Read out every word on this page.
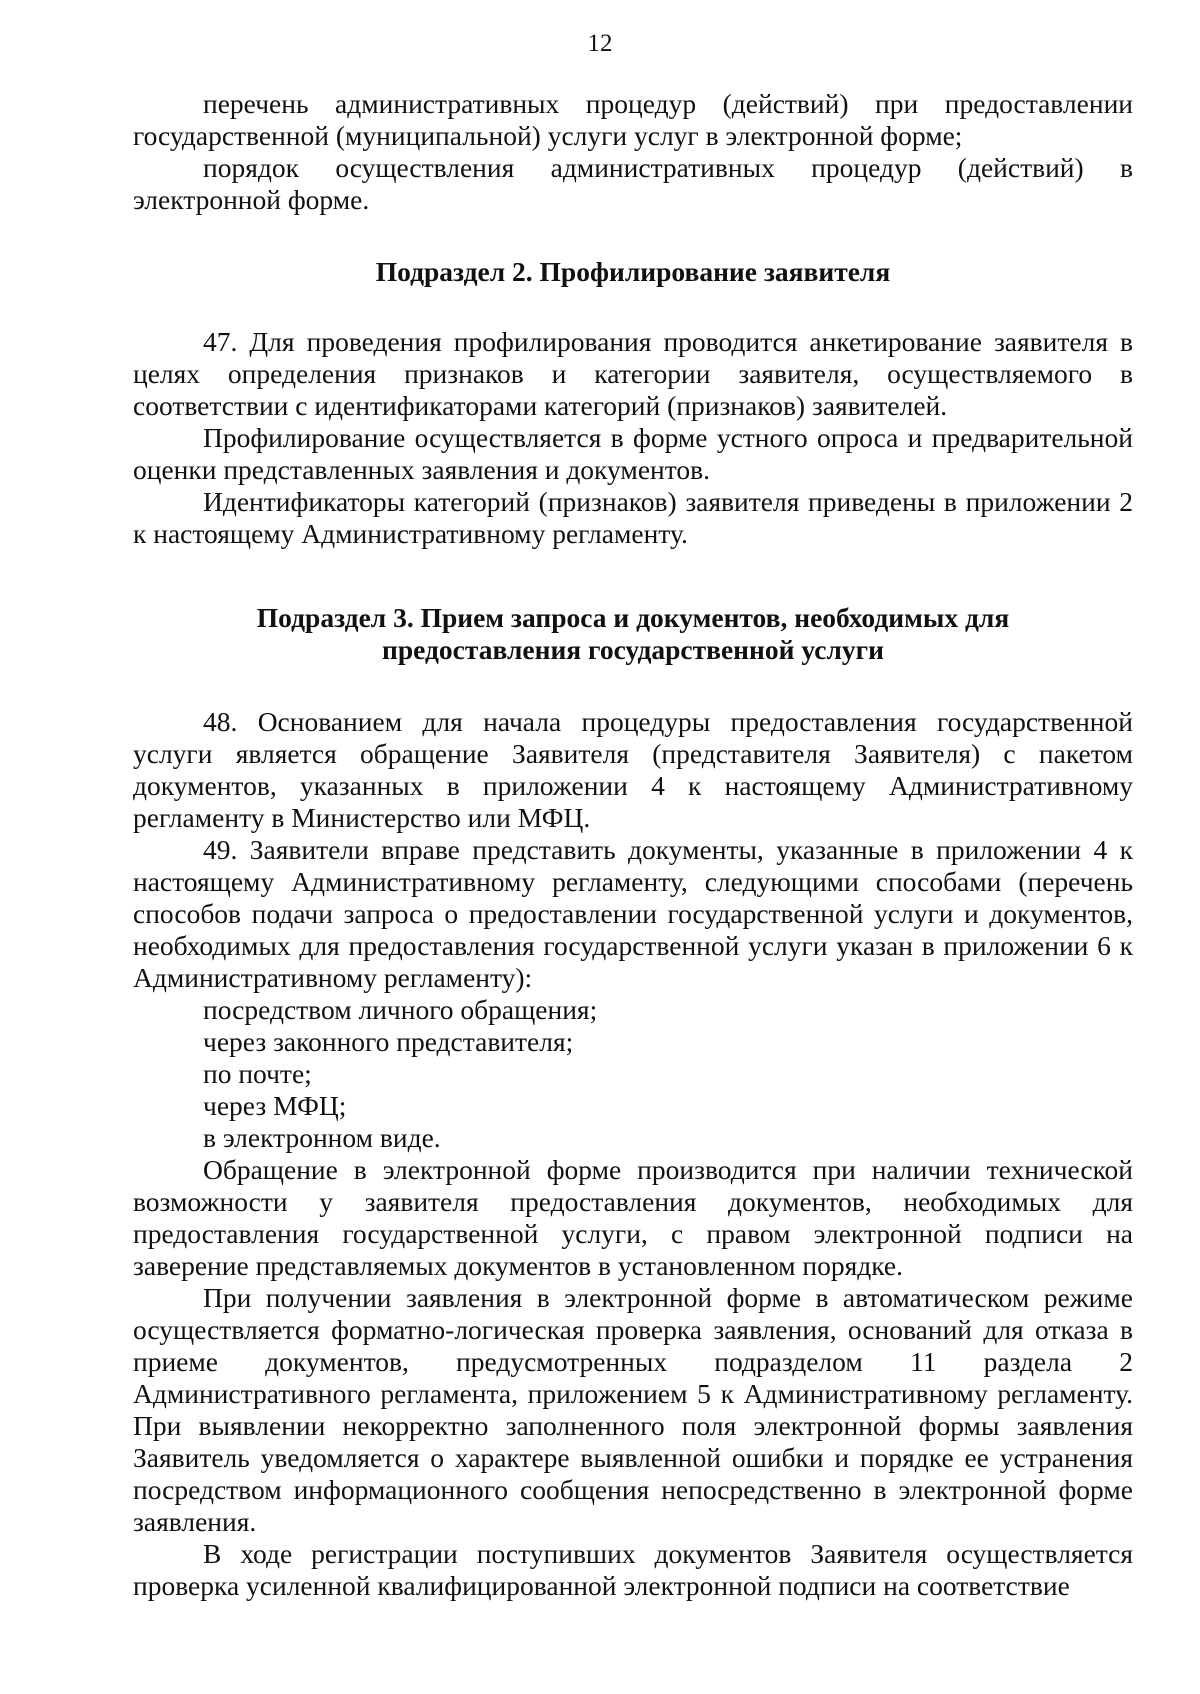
12

перечень административных процедур (действий) при предоставлении государственной (муниципальной) услуги услуг в электронной форме;

порядок осуществления административных процедур (действий) в электронной форме.

Подраздел 2. Профилирование заявителя

47. Для проведения профилирования проводится анкетирование заявителя в целях определения признаков и категории заявителя, осуществляемого в соответствии с идентификаторами категорий (признаков) заявителей.

Профилирование осуществляется в форме устного опроса и предварительной оценки представленных заявления и документов.

Идентификаторы категорий (признаков) заявителя приведены в приложении 2 к настоящему Административному регламенту.

Подраздел 3. Прием запроса и документов, необходимых для
предоставления государственной услуги

48. Основанием для начала процедуры предоставления государственной услуги является обращение Заявителя (представителя Заявителя) с пакетом документов, указанных в приложении 4 к настоящему Административному регламенту в Министерство или МФЦ.

49. Заявители вправе представить документы, указанные в приложении 4 к настоящему Административному регламенту, следующими способами (перечень способов подачи запроса о предоставлении государственной услуги и документов, необходимых для предоставления государственной услуги указан в приложении 6 к Административному регламенту):

посредством личного обращения;

через законного представителя;

по почте;

через МФЦ;

в электронном виде.

Обращение в электронной форме производится при наличии технической возможности у заявителя предоставления документов, необходимых для предоставления государственной услуги, с правом электронной подписи на заверение представляемых документов в установленном порядке.

При получении заявления в электронной форме в автоматическом режиме осуществляется форматно-логическая проверка заявления, оснований для отказа в приеме документов, предусмотренных подразделом 11 раздела 2 Административного регламента, приложением 5 к Административному регламенту. При выявлении некорректно заполненного поля электронной формы заявления Заявитель уведомляется о характере выявленной ошибки и порядке ее устранения посредством информационного сообщения непосредственно в электронной форме заявления.

В ходе регистрации поступивших документов Заявителя осуществляется проверка усиленной квалифицированной электронной подписи на соответствие
